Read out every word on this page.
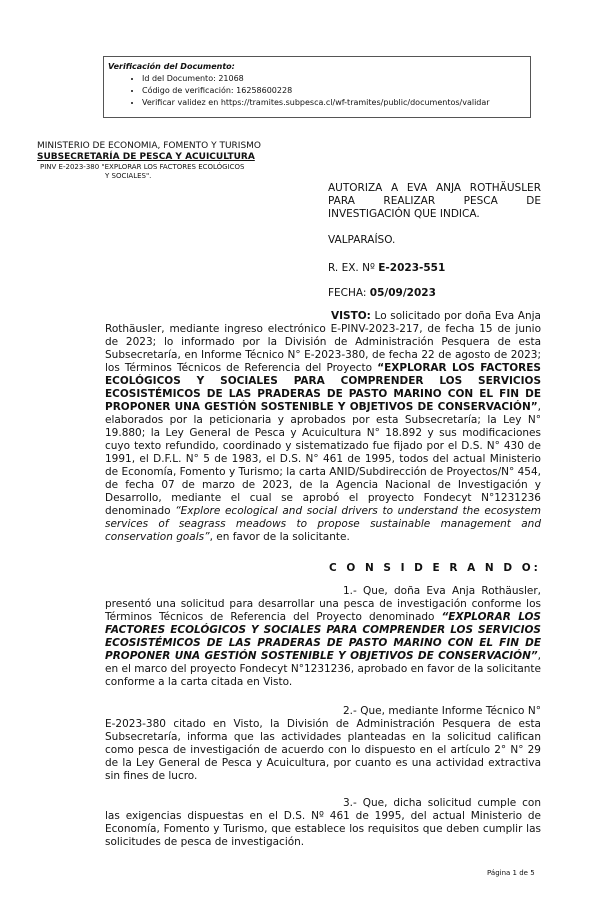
Verificación del Documento:
• Id del Documento: 21068
• Código de verificación: 16258600228
• Verificar validez en https://tramites.subpesca.cl/wf-tramites/public/documentos/validar
MINISTERIO DE ECONOMIA, FOMENTO Y TURISMO
SUBSECRETARÍA DE PESCA Y ACUICULTURA
PINV E-2023-380 "EXPLORAR LOS FACTORES ECOLÓGICOS
Y SOCIALES".
AUTORIZA A EVA ANJA ROTHÄUSLER PARA REALIZAR PESCA DE INVESTIGACIÓN QUE INDICA.
VALPARAÍSO.
R. EX. Nº E-2023-551
FECHA: 05/09/2023
VISTO: Lo solicitado por doña Eva Anja Rothäusler, mediante ingreso electrónico E-PINV-2023-217, de fecha 15 de junio de 2023; lo informado por la División de Administración Pesquera de esta Subsecretaría, en Informe Técnico N° E-2023-380, de fecha 22 de agosto de 2023; los Términos Técnicos de Referencia del Proyecto “EXPLORAR LOS FACTORES ECOLÓGICOS Y SOCIALES PARA COMPRENDER LOS SERVICIOS ECOSISTÉMICOS DE LAS PRADERAS DE PASTO MARINO CON EL FIN DE PROPONER UNA GESTIÓN SOSTENIBLE Y OBJETIVOS DE CONSERVACIÓN”, elaborados por la peticionaria y aprobados por esta Subsecretaría; la Ley N° 19.880; la Ley General de Pesca y Acuicultura N° 18.892 y sus modificaciones cuyo texto refundido, coordinado y sistematizado fue fijado por el D.S. N° 430 de 1991, el D.F.L. N° 5 de 1983, el D.S. N° 461 de 1995, todos del actual Ministerio de Economía, Fomento y Turismo; la carta ANID/Subdirección de Proyectos/N° 454, de fecha 07 de marzo de 2023, de la Agencia Nacional de Investigación y Desarrollo, mediante el cual se aprobó el proyecto Fondecyt N°1231236 denominado “Explore ecological and social drivers to understand the ecosystem services of seagrass meadows to propose sustainable management and conservation goals”, en favor de la solicitante.
C O N S I D E R A N D O:
1.- Que, doña Eva Anja Rothäusler, presentó una solicitud para desarrollar una pesca de investigación conforme los Términos Técnicos de Referencia del Proyecto denominado “EXPLORAR LOS FACTORES ECOLÓGICOS Y SOCIALES PARA COMPRENDER LOS SERVICIOS ECOSISTÉMICOS DE LAS PRADERAS DE PASTO MARINO CON EL FIN DE PROPONER UNA GESTIÓN SOSTENIBLE Y OBJETIVOS DE CONSERVACIÓN”, en el marco del proyecto Fondecyt N°1231236, aprobado en favor de la solicitante conforme a la carta citada en Visto.
2.- Que, mediante Informe Técnico N° E-2023-380 citado en Visto, la División de Administración Pesquera de esta Subsecretaría, informa que las actividades planteadas en la solicitud califican como pesca de investigación de acuerdo con lo dispuesto en el artículo 2° N° 29 de la Ley General de Pesca y Acuicultura, por cuanto es una actividad extractiva sin fines de lucro.
3.- Que, dicha solicitud cumple con las exigencias dispuestas en el D.S. Nº 461 de 1995, del actual Ministerio de Economía, Fomento y Turismo, que establece los requisitos que deben cumplir las solicitudes de pesca de investigación.
Página 1 de 5
